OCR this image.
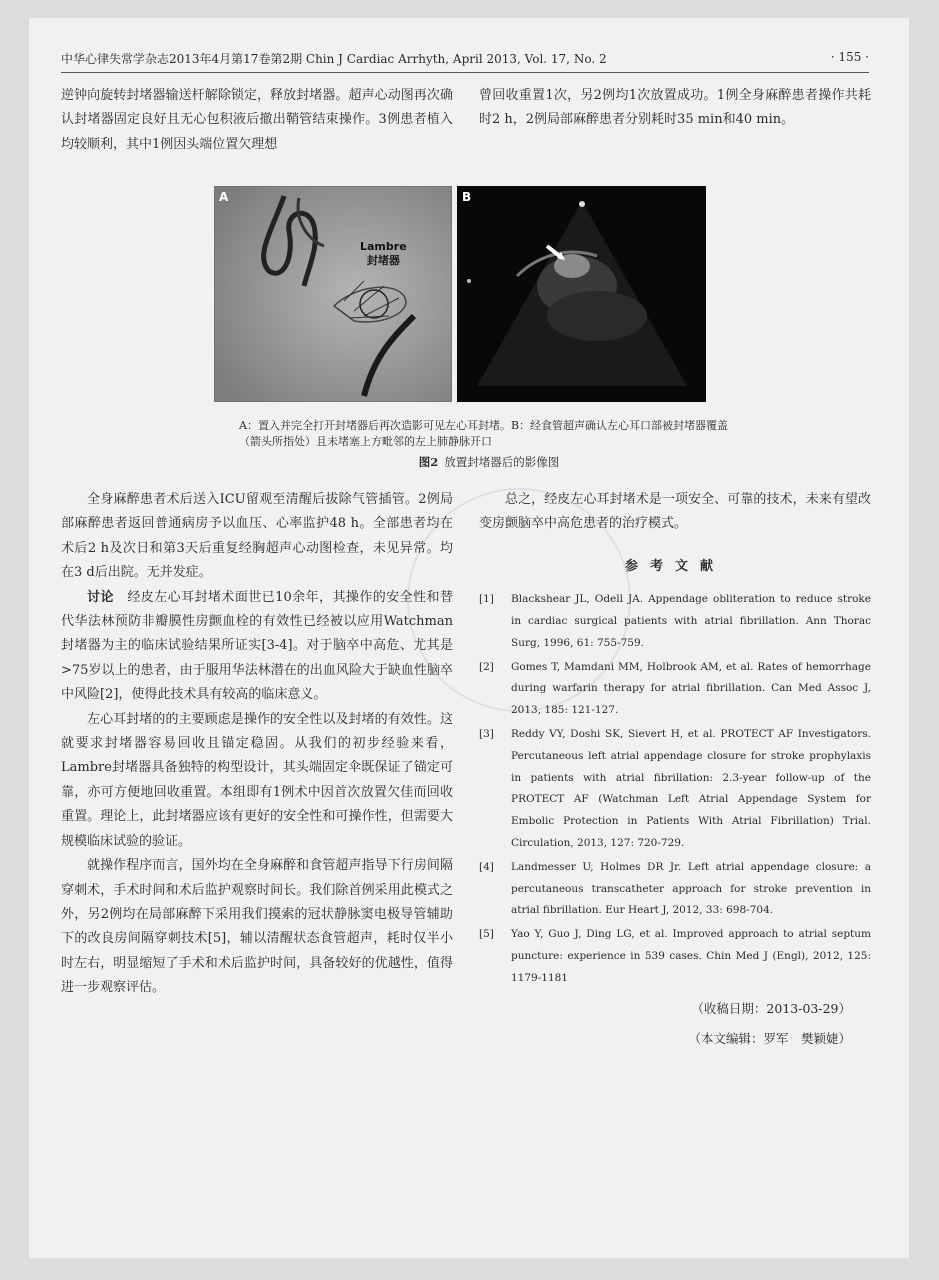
中华心律失常学杂志2013年4月第17卷第2期 Chin J Cardiac Arrhyth, April 2013, Vol. 17, No. 2	· 155 ·

逆钟向旋转封堵器输送杆解除锁定，释放封堵器。超声心动图再次确认封堵器固定良好且无心包积液后撤出鞘管结束操作。3例患者植入均较顺利，其中1例因头端位置欠理想

曾回收重置1次，另2例均1次放置成功。1例全身麻醉患者操作共耗时2 h，2例局部麻醉患者分别耗时35 min和40 min。

A
Lambre
封堵器
B
A：置入并完全打开封堵器后再次造影可见左心耳封堵。B：经食管超声确认左心耳口部被封堵器覆盖（箭头所指处）且未堵塞上方毗邻的左上肺静脉开口
图2 放置封堵器后的影像图

全身麻醉患者术后送入ICU留观至清醒后拔除气管插管。2例局部麻醉患者返回普通病房予以血压、心率监护48 h。全部患者均在术后2 h及次日和第3天后重复经胸超声心动图检查，未见异常。均在3 d后出院。无并发症。

讨论　 经皮左心耳封堵术面世已10余年，其操作的安全性和替代华法林预防非瓣膜性房颤血栓的有效性已经被以应用Watchman封堵器为主的临床试验结果所证实[3-4]。对于脑卒中高危、尤其是>75岁以上的患者，由于服用华法林潜在的出血风险大于缺血性脑卒中风险[2]，使得此技术具有较高的临床意义。

左心耳封堵的的主要顾虑是操作的安全性以及封堵的有效性。这就要求封堵器容易回收且锚定稳固。从我们的初步经验来看，Lambre封堵器具备独特的构型设计，其头端固定伞既保证了锚定可靠，亦可方便地回收重置。本组即有1例术中因首次放置欠佳而回收重置。理论上，此封堵器应该有更好的安全性和可操作性，但需要大规模临床试验的验证。

就操作程序而言，国外均在全身麻醉和食管超声指导下行房间隔穿刺术，手术时间和术后监护观察时间长。我们除首例采用此模式之外，另2例均在局部麻醉下采用我们摸索的冠状静脉窦电极导管辅助下的改良房间隔穿刺技术[5]，辅以清醒状态食管超声，耗时仅半小时左右，明显缩短了手术和术后监护时间，具备较好的优越性，值得进一步观察评估。

总之，经皮左心耳封堵术是一项安全、可靠的技术，未来有望改变房颤脑卒中高危患者的治疗模式。

参考文献
[1]	Blackshear JL, Odell JA. Appendage obliteration to reduce stroke in cardiac surgical patients with atrial fibrillation. Ann Thorac Surg, 1996, 61: 755-759.
[2]	Gomes T, Mamdani MM, Holbrook AM, et al. Rates of hemorrhage during warfarin therapy for atrial fibrillation. Can Med Assoc J, 2013, 185: 121-127.
[3]	Reddy VY, Doshi SK, Sievert H, et al. PROTECT AF Investigators. Percutaneous left atrial appendage closure for stroke prophylaxis in patients with atrial fibrillation: 2.3-year follow-up of the PROTECT AF (Watchman Left Atrial Appendage System for Embolic Protection in Patients With Atrial Fibrillation) Trial. Circulation, 2013, 127: 720-729.
[4]	Landmesser U, Holmes DR Jr. Left atrial appendage closure: a percutaneous transcatheter approach for stroke prevention in atrial fibrillation. Eur Heart J, 2012, 33: 698-704.
[5]	Yao Y, Guo J, Ding LG, et al. Improved approach to atrial septum puncture: experience in 539 cases. Chin Med J (Engl), 2012, 125: 1179-1181
（收稿日期：2013-03-29）
（本文编辑：罗军　樊颖婕）
